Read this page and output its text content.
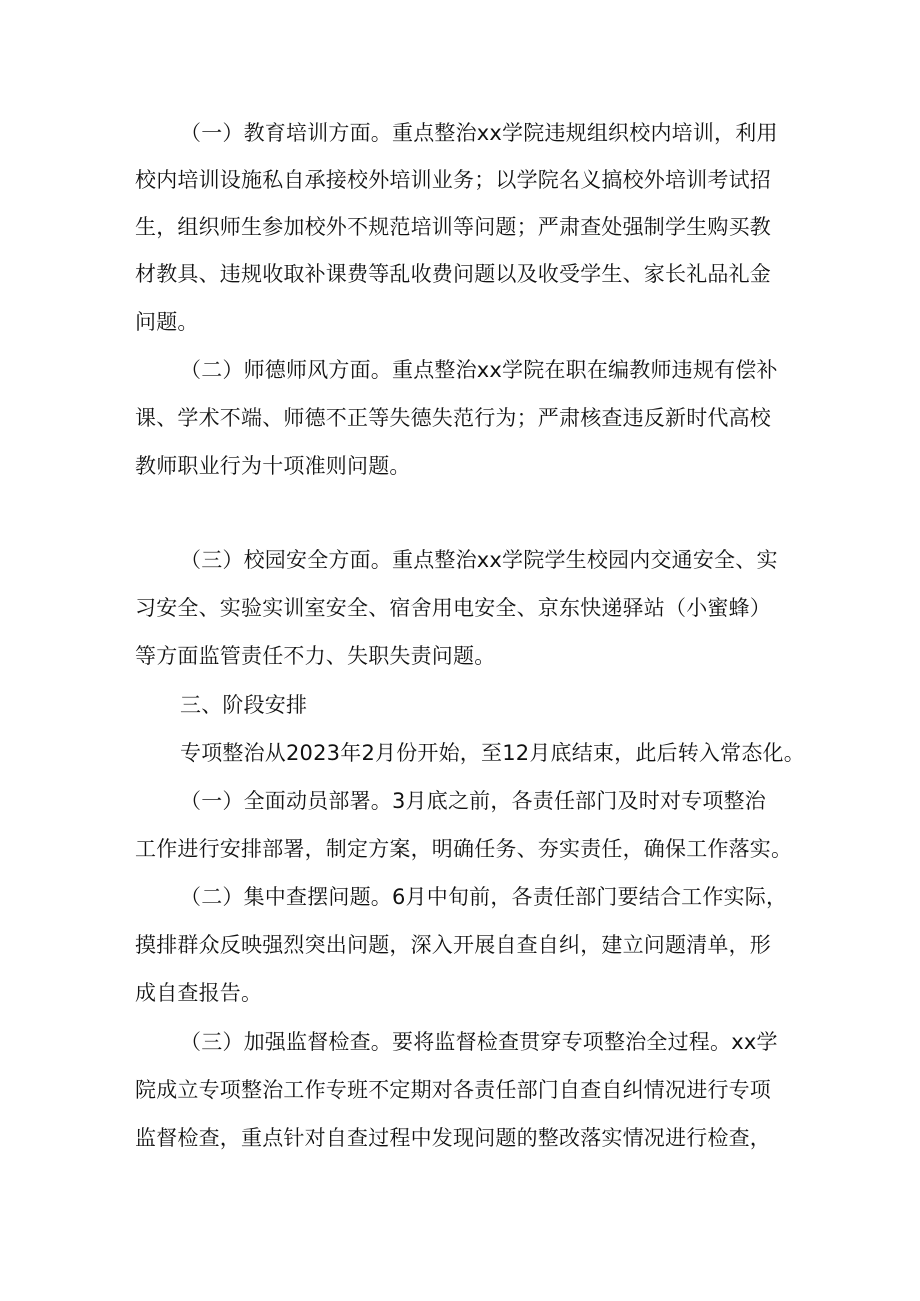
（一）教育培训方面。重点整治xx学院违规组织校内培训，利用
校内培训设施私自承接校外培训业务；以学院名义搞校外培训考试招
生，组织师生参加校外不规范培训等问题；严肃查处强制学生购买教
材教具、违规收取补课费等乱收费问题以及收受学生、家长礼品礼金
问题。
（二）师德师风方面。重点整治xx学院在职在编教师违规有偿补
课、学术不端、师德不正等失德失范行为；严肃核查违反新时代高校
教师职业行为十项准则问题。
（三）校园安全方面。重点整治xx学院学生校园内交通安全、实
习安全、实验实训室安全、宿舍用电安全、京东快递驿站（小蜜蜂）
等方面监管责任不力、失职失责问题。
三、阶段安排
专项整治从2023年2月份开始，至12月底结束，此后转入常态化。
（一）全面动员部署。3月底之前，各责任部门及时对专项整治
工作进行安排部署，制定方案，明确任务、夯实责任，确保工作落实。
（二）集中查摆问题。6月中旬前，各责任部门要结合工作实际，
摸排群众反映强烈突出问题，深入开展自查自纠，建立问题清单，形
成自查报告。
（三）加强监督检查。要将监督检查贯穿专项整治全过程。xx学
院成立专项整治工作专班不定期对各责任部门自查自纠情况进行专项
监督检查，重点针对自查过程中发现问题的整改落实情况进行检查，
